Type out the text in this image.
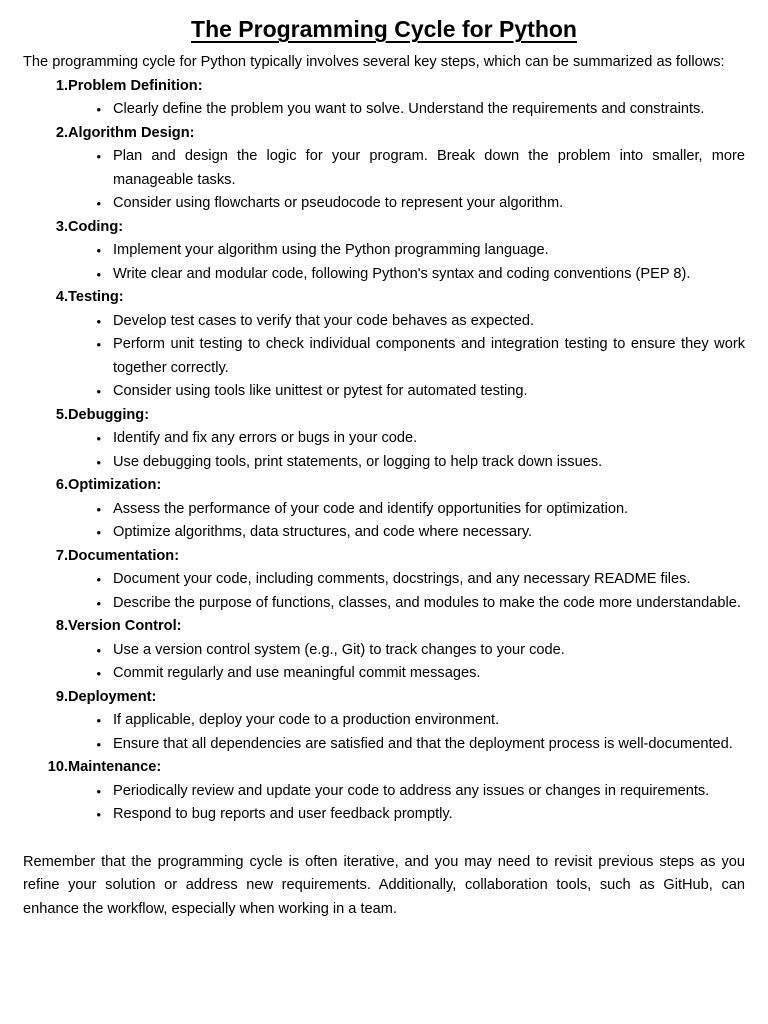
The Programming Cycle for Python

The programming cycle for Python typically involves several key steps, which can be summarized as follows:

1. Problem Definition:
• Clearly define the problem you want to solve. Understand the requirements and constraints.
2. Algorithm Design:
• Plan and design the logic for your program. Break down the problem into smaller, more manageable tasks.
• Consider using flowcharts or pseudocode to represent your algorithm.
3. Coding:
• Implement your algorithm using the Python programming language.
• Write clear and modular code, following Python's syntax and coding conventions (PEP 8).
4. Testing:
• Develop test cases to verify that your code behaves as expected.
• Perform unit testing to check individual components and integration testing to ensure they work together correctly.
• Consider using tools like unittest or pytest for automated testing.
5. Debugging:
• Identify and fix any errors or bugs in your code.
• Use debugging tools, print statements, or logging to help track down issues.
6. Optimization:
• Assess the performance of your code and identify opportunities for optimization.
• Optimize algorithms, data structures, and code where necessary.
7. Documentation:
• Document your code, including comments, docstrings, and any necessary README files.
• Describe the purpose of functions, classes, and modules to make the code more understandable.
8. Version Control:
• Use a version control system (e.g., Git) to track changes to your code.
• Commit regularly and use meaningful commit messages.
9. Deployment:
• If applicable, deploy your code to a production environment.
• Ensure that all dependencies are satisfied and that the deployment process is well-documented.
10. Maintenance:
• Periodically review and update your code to address any issues or changes in requirements.
• Respond to bug reports and user feedback promptly.

Remember that the programming cycle is often iterative, and you may need to revisit previous steps as you refine your solution or address new requirements. Additionally, collaboration tools, such as GitHub, can enhance the workflow, especially when working in a team.
